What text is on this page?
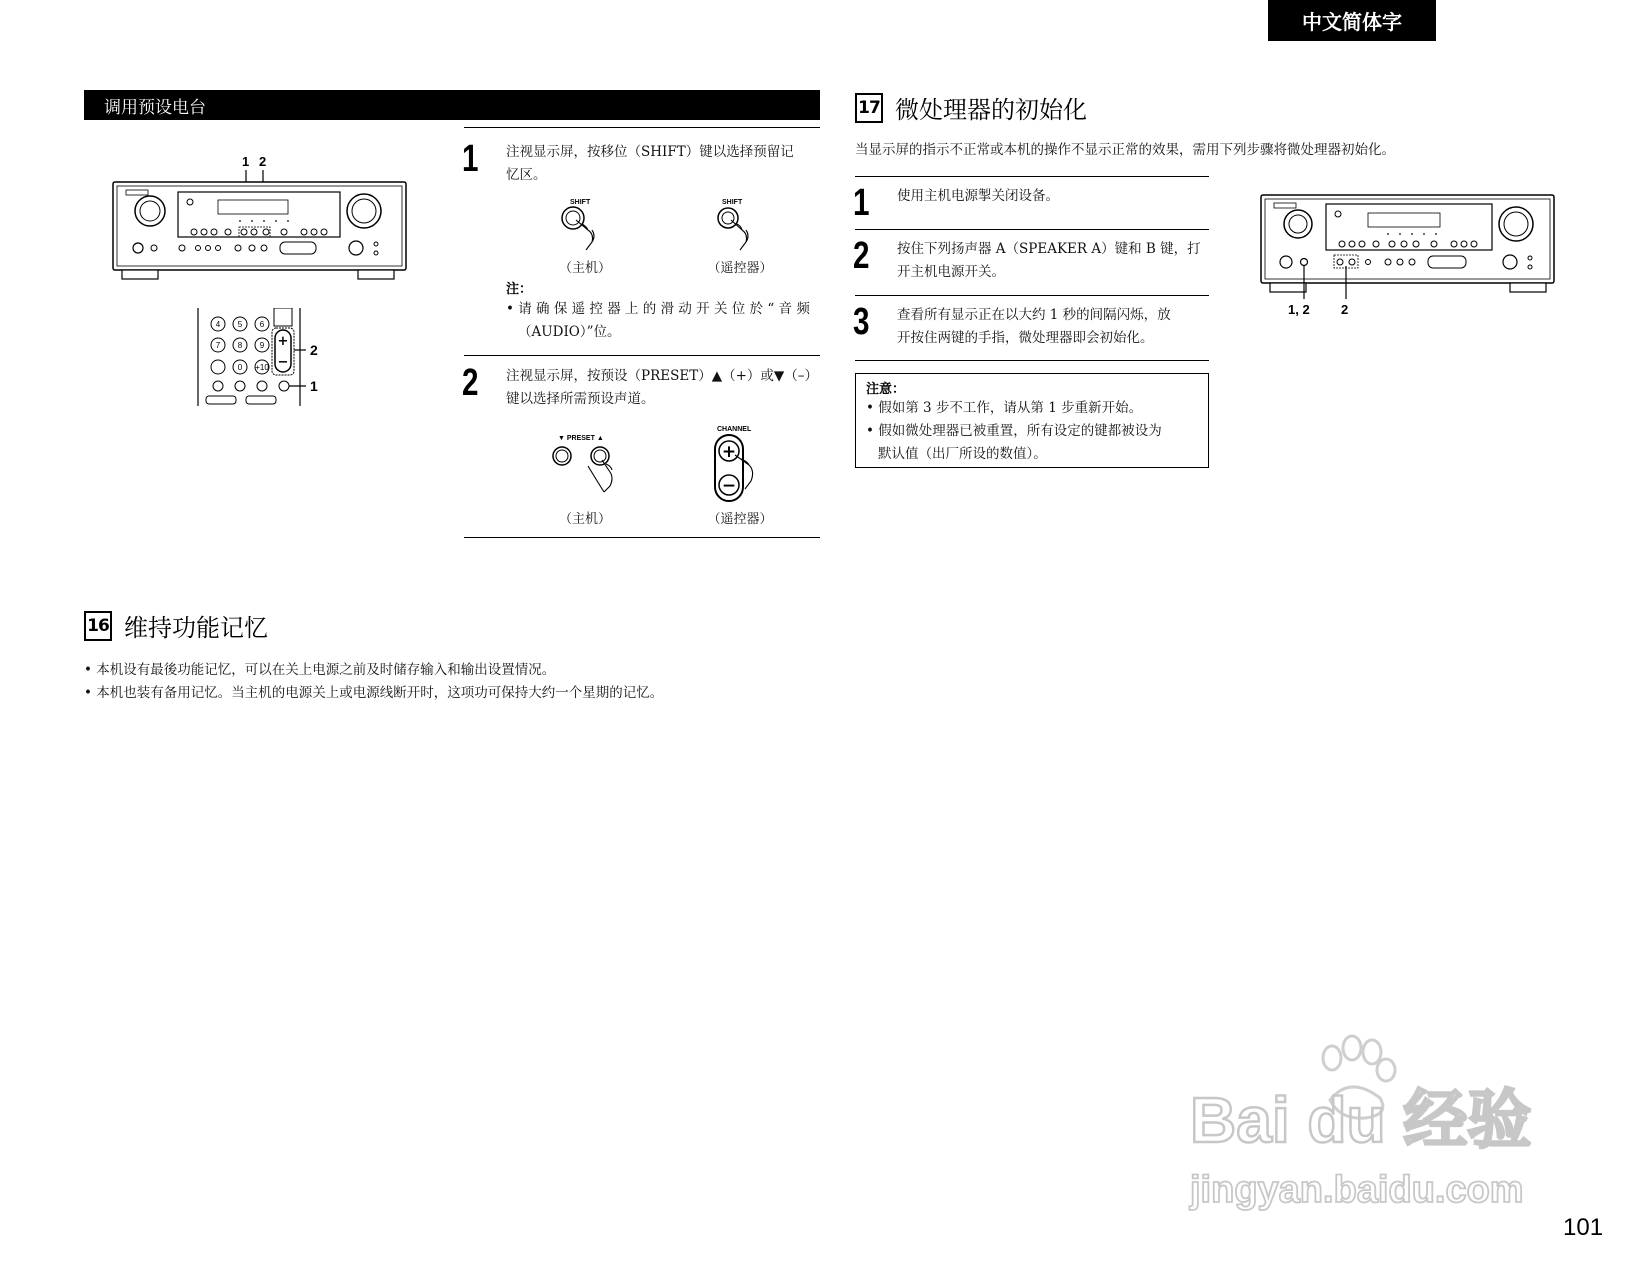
中文简体字
调用预设电台
1 2
4 5 6
7 8 9
0 +10
+
−
2
1
1 注视显示屏，按移位（SHIFT）键以选择预留记
忆区。
SHIFT	SHIFT
（主机）	（遥控器）
注：
• 请 确 保 遥 控 器 上 的 滑 动 开 关 位 於 “ 音 频
（AUDIO）”位。
2 注视显示屏，按预设（PRESET）▲（+）或▼（–）
键以选择所需预设声道。
▼ PRESET ▲
CHANNEL
+
−
（主机）	（遥控器）
16 维持功能记忆
• 本机设有最後功能记忆，可以在关上电源之前及时储存输入和输出设置情况。
• 本机也装有备用记忆。当主机的电源关上或电源线断开时，这项功可保持大约一个星期的记忆。
17 微处理器的初始化
当显示屏的指示不正常或本机的操作不显示正常的效果，需用下列步骤将微处理器初始化。
1 使用主机电源掣关闭设备。
2 按住下列扬声器 A（SPEAKER A）键和 B 键，打
开主机电源开关。
3 查看所有显示正在以大约 1 秒的间隔闪烁，放
开按住两键的手指，微处理器即会初始化。
注意：
• 假如第 3 步不工作，请从第 1 步重新开始。
• 假如微处理器已被重置，所有设定的键都被设为
默认值（出厂所设的数值）。
1, 2 2
101
Bai du 经验
jingyan.baidu.com
